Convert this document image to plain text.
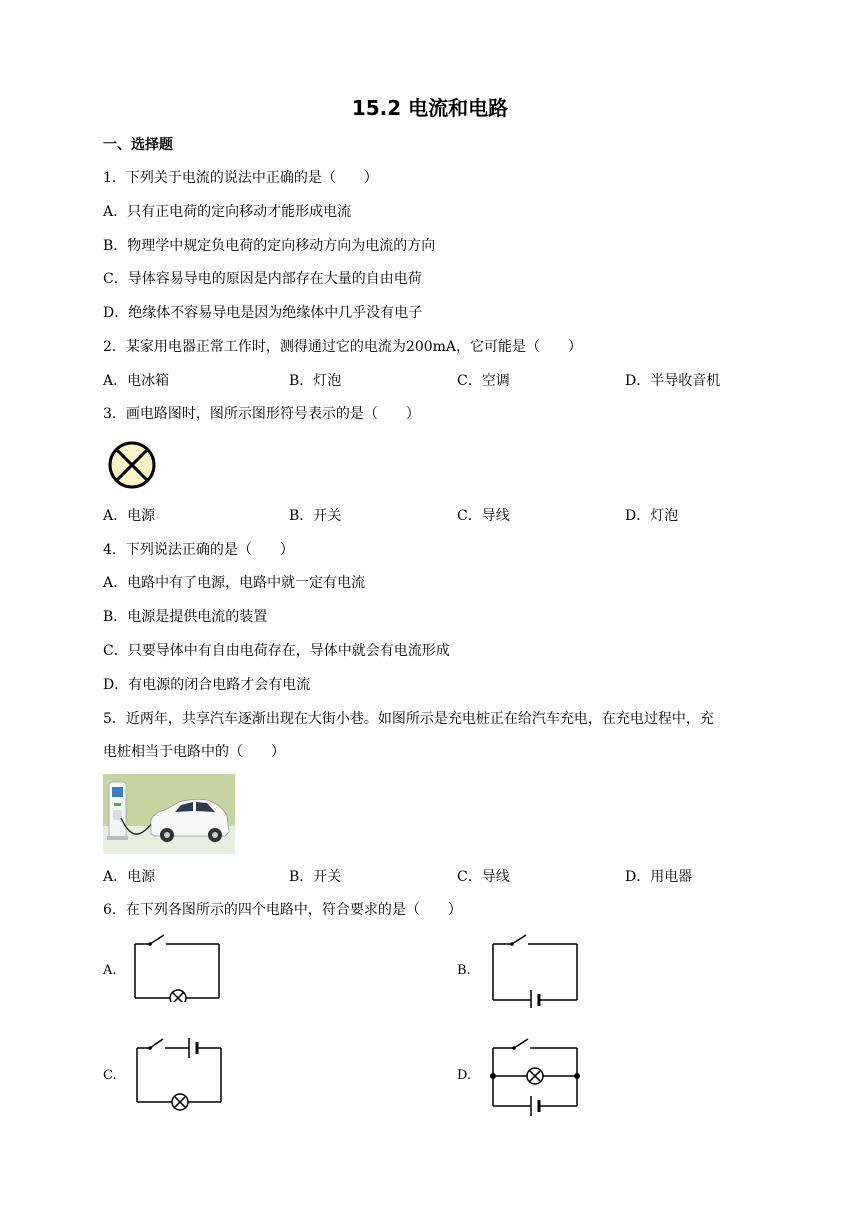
15.2 电流和电路
一、选择题
1．下列关于电流的说法中正确的是（　　）
A．只有正电荷的定向移动才能形成电流
B．物理学中规定负电荷的定向移动方向为电流的方向
C．导体容易导电的原因是内部存在大量的自由电荷
D．绝缘体不容易导电是因为绝缘体中几乎没有电子
2．某家用电器正常工作时，测得通过它的电流为200mA，它可能是（　　）
A．电冰箱	B．灯泡	C．空调	D．半导收音机
3．画电路图时，图所示图形符号表示的是（　　）
A．电源	B．开关	C．导线	D．灯泡
4．下列说法正确的是（　　）
A．电路中有了电源，电路中就一定有电流
B．电源是提供电流的装置
C．只要导体中有自由电荷存在，导体中就会有电流形成
D．有电源的闭合电路才会有电流
5．近两年，共享汽车逐渐出现在大街小巷。如图所示是充电桩正在给汽车充电，在充电过程中，充
电桩相当于电路中的（　　）
A．电源	B．开关	C．导线	D．用电器
6．在下列各图所示的四个电路中，符合要求的是（　　）
A.	B.
C.	D.
